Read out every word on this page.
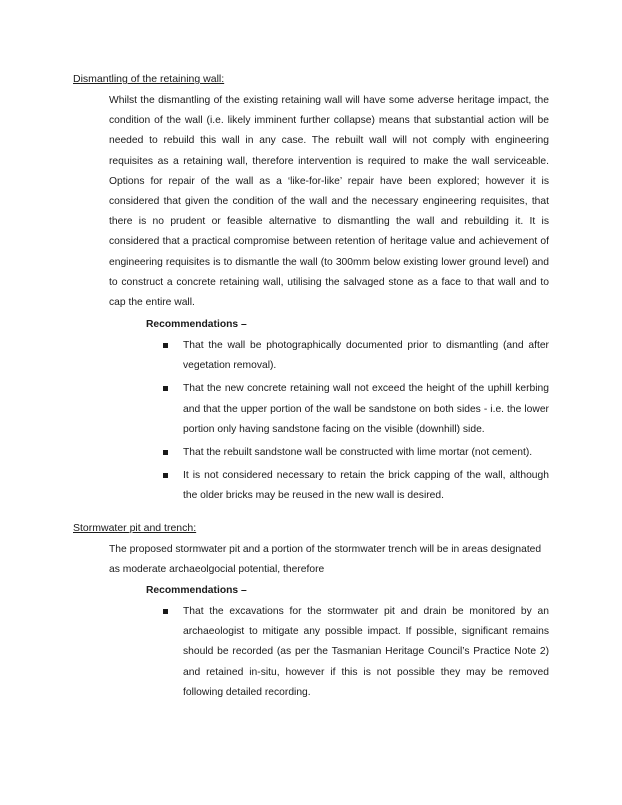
Dismantling of the retaining wall:

Whilst the dismantling of the existing retaining wall will have some adverse heritage impact, the condition of the wall (i.e. likely imminent further collapse) means that substantial action will be needed to rebuild this wall in any case. The rebuilt wall will not comply with engineering requisites as a retaining wall, therefore intervention is required to make the wall serviceable. Options for repair of the wall as a ‘like-for-like’ repair have been explored; however it is considered that given the condition of the wall and the necessary engineering requisites, that there is no prudent or feasible alternative to dismantling the wall and rebuilding it. It is considered that a practical compromise between retention of heritage value and achievement of engineering requisites is to dismantle the wall (to 300mm below existing lower ground level) and to construct a concrete retaining wall, utilising the salvaged stone as a face to that wall and to cap the entire wall.

Recommendations –
That the wall be photographically documented prior to dismantling (and after vegetation removal).
That the new concrete retaining wall not exceed the height of the uphill kerbing and that the upper portion of the wall be sandstone on both sides - i.e. the lower portion only having sandstone facing on the visible (downhill) side.
That the rebuilt sandstone wall be constructed with lime mortar (not cement).
It is not considered necessary to retain the brick capping of the wall, although the older bricks may be reused in the new wall is desired.
Stormwater pit and trench:

The proposed stormwater pit and a portion of the stormwater trench will be in areas designated as moderate archaeolgocial potential, therefore

Recommendations –
That the excavations for the stormwater pit and drain be monitored by an archaeologist to mitigate any possible impact. If possible, significant remains should be recorded (as per the Tasmanian Heritage Council’s Practice Note 2) and retained in-situ, however if this is not possible they may be removed following detailed recording.
